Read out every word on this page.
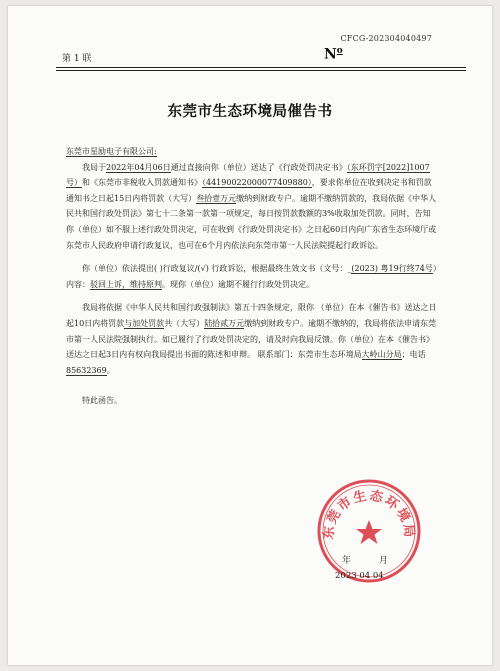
CFCG-202304040497
第 1 联	$N^o$
东莞市生态环境局催告书

东莞市星励电子有限公司:

我局于2022年04月06日通过直接向你（单位）送达了《行政处罚决定书》（东环罚字[2022]1007号）和《东莞市非税收入罚款通知书》（44190022000077409880），要求你单位在收到决定书和罚款通知书之日起15日内将罚款（大写）叁拾壹万元缴纳到财政专户。逾期不缴纳罚款的，我局依据《中华人民共和国行政处罚法》第七十二条第一款第一项规定，每日按罚款数额的3%收取加处罚款。同时，告知你（单位）如不服上述行政处罚决定，可在收到《行政处罚决定书》之日起60日内向广东省生态环境厅或东莞市人民政府申请行政复议，也可在6个月内依法向东莞市第一人民法院提起行政诉讼。

你（单位）依法提出( )行政复议/(√) 行政诉讼，根据最终生效文书（文号：_(2023) 粤19行终74号）内容：驳回上诉，维持原判。现你（单位）逾期不履行行政处罚决定。

我局将依据《中华人民共和国行政强制法》第五十四条规定，限你 （单位）在本《催告书》送达之日起10日内将罚款与加处罚款共（大写）陆拾贰万元缴纳到财政专户。逾期不缴纳的，我局将依法申请东莞市第一人民法院强制执行。如已履行了行政处罚决定的，请及时向我局反馈。你（单位）在本《催告书》送达之日起3日内有权向我局提出书面的陈述和申辩。 联系部门：东莞市生态环境局大岭山分局；电话85632369。

特此函告。

东莞市生态环境局
年	月
2023 04 04
